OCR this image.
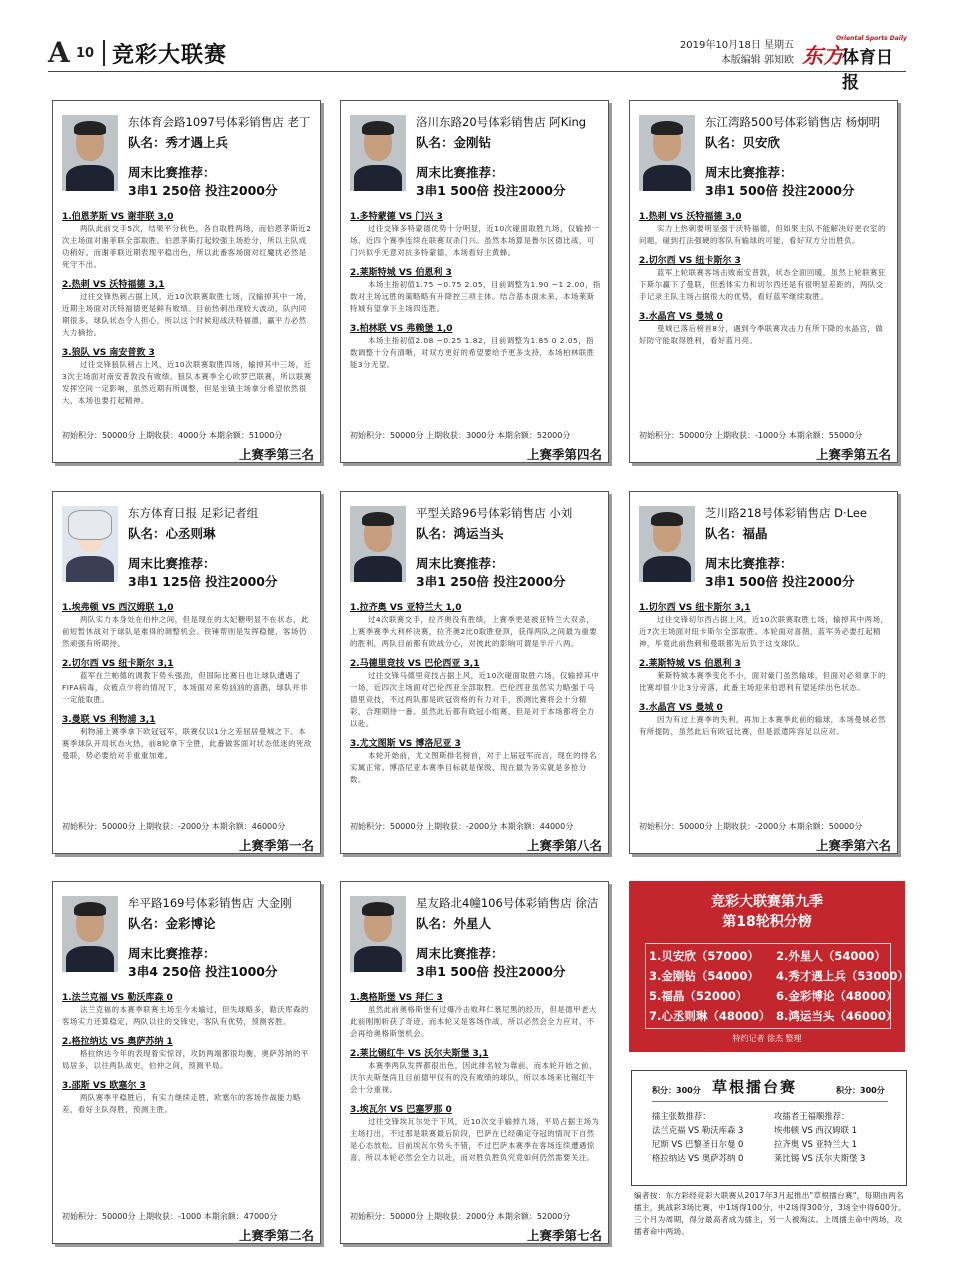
A 10 竞彩大联赛	2019年10月18日 星期五
本版编辑 郭知欧
Oriental Sports Daily
东方
体育日报
东体育会路1097号体彩销售店 老丁
队名：秀才遇上兵
周末比赛推荐：
3串1 250倍 投注2000分
1.伯恩茅斯 VS 谢菲联 3,0
两队此前交手5次，结果平分秋色，各自取胜两场，而伯恩茅斯近2次主场面对谢菲联全部取胜。伯恩茅斯打起较强主场抢分，所以主队成功稍好。而谢菲联近期表现平稳出色，所以此番客场面对红魔扰必然是死守不出。
2.热刺 VS 沃特福德 3,1
过往交锋热刺占据上风，近10次联赛取胜七场，汉输掉其中一场，近期主场面对沃特福德更是鲜有败绩。目前热刺出现较大波动，队内同期很多，球队状态令人担心，所以这个时候迎战沃特福德，赢平力必然大力摘抬。
3.狼队 VS 南安普敦 3
过往交锋狼队稍占上风，近10次联赛取胜四场，输掉其中三场，近3次主场面对南安普敦没有败绩。狼队本赛季全心欧罗巴联赛，所以联赛发挥空间一定影响，虽然近期有所调整，但是坐镇主场拿分希望依然很大，本场也要打起精神。
初始积分：50000分 上期收获：4000分 本期余额：51000分
上赛季第三名
洛川东路20号体彩销售店 阿King
队名：金刚钻
周末比赛推荐：
3串1 500倍 投注2000分
1.多特蒙德 VS 门兴 3
过往交锋多特蒙德优势十分明显，近10次碰面取胜九场，仅输掉一场，近四个赛季连续在联赛双杀门兴。虽然本场算是鲁尔区德比战，可门兴似乎无意对抗多特蒙德，本场看好主黄蜂。
2.莱斯特城 VS 伯恩利 3
本场主指初值1.75 −0.75 2.05，目前调整为1.90 −1 2.00，指数对主场远胜的策略略有升降控三项主体。结合基本面未来，本场莱斯特城有望拿下主场四连胜。
3.柏林联 VS 弗赖堡 1,0
本场主指初值2.08 −0.25 1.82，目前调整为1.85 0 2.05，指数调整十分有清晰，对双方更好的希望要给予更多支持，本场柏林联胜能3分无望。
初始积分：50000分 上期收获：3000分 本期余额：52000分
上赛季第四名
东江湾路500号体彩销售店 杨炯明
队名：贝安欣
周末比赛推荐：
3串1 500倍 投注2000分
1.热刺 VS 沃特福德 3,0
实力上热刺要明显强于沃特福德，但如果主队不能解决好更衣室的问题，碰到打法强硬的客队有输球的可能，看好双方分出胜负。
2.切尔西 VS 纽卡斯尔 3
蓝军上轮联赛客场击败南安普敦，状态全面回暖，虽然上轮联赛狂下斯尔赢下了曼联，但悉体实力和切尔西还是有很明显差距的，两队交手记录主队主场占据很大的优势，看好蓝军继续取胜。
3.水晶宫 VS 曼城 0
曼城已落后榜首8分，遇到今季联赛攻击力有所下降的水晶宫，做好防守能取得胜利，看好蓝月亮。
初始积分：50000分 上期收获：-1000分 本期余额：55000分
上赛季第五名
东方体育日报 足彩记者组
队名：心丞则琳
周末比赛推荐：
3串1 125倍 投注2000分
1.埃弗顿 VS 西汉姆联 1,0
两队实力本身处在伯仲之间，但是现在的太妃糖明显不在状态，此前短暂休战对于球队是难得的调整机会。铁锤帮则是发挥稳健，客场仍然顽强有所期待。
2.切尔西 VS 纽卡斯尔 3,1
蓝军在兰帕德的调教下势头强劲，但国际比赛日也让球队遭遇了FIFA病毒，众被点少将的情况下，本场面对来势汹汹的喜鹊，球队并非一定能取胜。
3.曼联 VS 利物浦 3,1
利物浦上赛季拿下欧冠冠军，联赛仅以1分之差屈居曼城之下。本赛季球队开局状态火热，前8轮拿下全胜，此番做客面对状态低迷的死敌曼联，势必要给对手重重加难。
初始积分：50000分 上期收获：-2000分 本期余额：46000分
上赛季第一名
平型关路96号体彩销售店 小刘
队名：鸿运当头
周末比赛推荐：
3串1 250倍 投注2000分
1.拉齐奥 VS 亚特兰大 1,0
过4次联赛交手，拉齐奥没有胜绩，上赛季更是被亚特兰大双杀，上赛季赛季大利杯决赛，拉齐奥2比0取胜登顶，获得两队之间最为重要的胜利，两队目前都有欧战分心，对彼此的影响可谓是半斤八两。
2.马德里竞技 VS 巴伦西亚 3,1
过往交锋马德里竞技占据上风，近10次碰面取胜六场，仅输掉其中一场，近四次主场面对巴伦西亚全部取胜。巴伦西亚虽然实力略强于马德里竞技，不过两队都是欧冠资格的有力对手，预测比赛将会十分精彩，合理期待一番。虽然此后都有欧冠小组赛，但是对于本场都将全力以赴。
3.尤文图斯 VS 博洛尼亚 3
本轮开始前，尤文图斯排名榜首，对于上届冠军而言，现在的排名实属正常。博洛尼亚本赛季目标就是保级，现在最为务实就是多抢分数。
初始积分：50000分 上期收获：-2000分 本期余额：44000分
上赛季第八名
芝川路218号体彩销售店 D·Lee
队名：福晶
周末比赛推荐：
3串1 500倍 投注2000分
1.切尔西 VS 纽卡斯尔 3,1
过往交锋切尔西占据上风，近10次联赛取胜七场，输掉其中两场，近7次主场面对纽卡斯尔全部取胜。本轮面对喜鹊，蓝军务必要打起精神，毕竟此前热刺和曼联都先后负于这支球队。
2.莱斯特城 VS 伯恩利 3
莱斯特城本赛季变化不小，面对豪门虽然输球，但面对必须拿下的比赛却很少让3分旁落，此番主场迎来伯恩利有望延续出色状态。
3.水晶宫 VS 曼城 0
因为有过上赛季的失利，再加上本赛季此前的输球，本场曼城必然有所提防，虽然此后有欧冠比赛，但是派遣阵容足以应对。
初始积分：50000分 上期收获：-2000分 本期余额：50000分
上赛季第六名
牟平路169号体彩销售店 大金刚
队名：金彩博论
周末比赛推荐：
3串4 250倍 投注1000分
1.法兰克福 VS 勒沃库森 0
法兰克福的本赛季联赛主场至今未输过，但失球略多，勒沃库森的客场实力还算稳定，两队以往的交锋史，客队有优势，预测客胜。
2.格拉纳达 VS 奥萨苏纳 1
格拉纳达今年的表现着实惊讶，攻防两端都很均衡，奥萨苏纳的平局居多，以往两队战史，伯仲之间，预测平局。
3.邵斯 VS 欧塞尔 3
两队赛季平稳胜后，有实力继续走胜，欧塞尔的客场作战能力略差，看好主队得胜，预测主胜。
初始积分：50000分 上期收获：-1000 本期余额：47000分
上赛季第二名
星友路北4幢106号体彩销售店 徐洁
队名：外星人
周末比赛推荐：
3串1 500倍 投注2000分
1.奥格斯堡 VS 拜仁 3
虽然此前奥格斯堡有过爆冷击败拜仁慕尼黑的经历，但是德甲老大此前刚刚斩获了奇迹，而本轮又是客场作战，所以必然会全力应对，不会再给奥格斯堡机会。
2.莱比锡红牛 VS 沃尔夫斯堡 3,1
本赛季两队发挥都很出色，因此排名较为靠前，而本轮开始之前，沃尔夫斯堡尚且目前德甲仅有的没有败绩的球队，所以本场来比锡红牛会十分重视。
3.埃瓦尔 VS 巴塞罗那 0
过往交锋埃瓦尔处于下风，近10次交手输掉九场，平局占据主场为主场打出，不过那是联赛最后阶段，巴萨在已经确定夺冠的情况下自然是心态放松。目前埃瓦尔势头不错，不过巴萨本赛季在客场连续遭遇惊喜，所以本轮必然会全力以赴，而对胜负胜负究竟如何仍然需要关注。
初始积分：50000分 上期收获：2000分 本期余额：52000分
上赛季第七名
竞彩大联赛第九季
第18轮积分榜
1.贝安欣（57000） 2.外星人（54000）
3.金刚钻（54000） 4.秀才遇上兵（53000）
5.福晶（52000） 6.金彩博论（48000）
7.心丞则琳（48000） 8.鸿运当头（46000）
特约记者 徐杰 整理
积分：300分 草根擂台赛	积分：300分
擂主张数推荐：
法兰克福 VS 勒沃库森 3
尼斯 VS 巴黎圣日尔曼 0
格拉纳达 VS 奥萨苏纳 0
攻擂者王福顺推荐：
埃弗顿 VS 西汉姆联 1
拉齐奥 VS 亚特兰大 1
莱比锡 VS 沃尔夫斯堡 3
编者按：东方彩经竞彩大联赛从2017年3月起推出"草根擂台赛"，每期由两名擂主，挑战彩3场比赛，中1场得100分，中2场得300分，3场全中得600分。三个月为周期，得分最高者成为擂主，另一人被淘汰。上周擂主命中两场，攻擂者命中两场。
